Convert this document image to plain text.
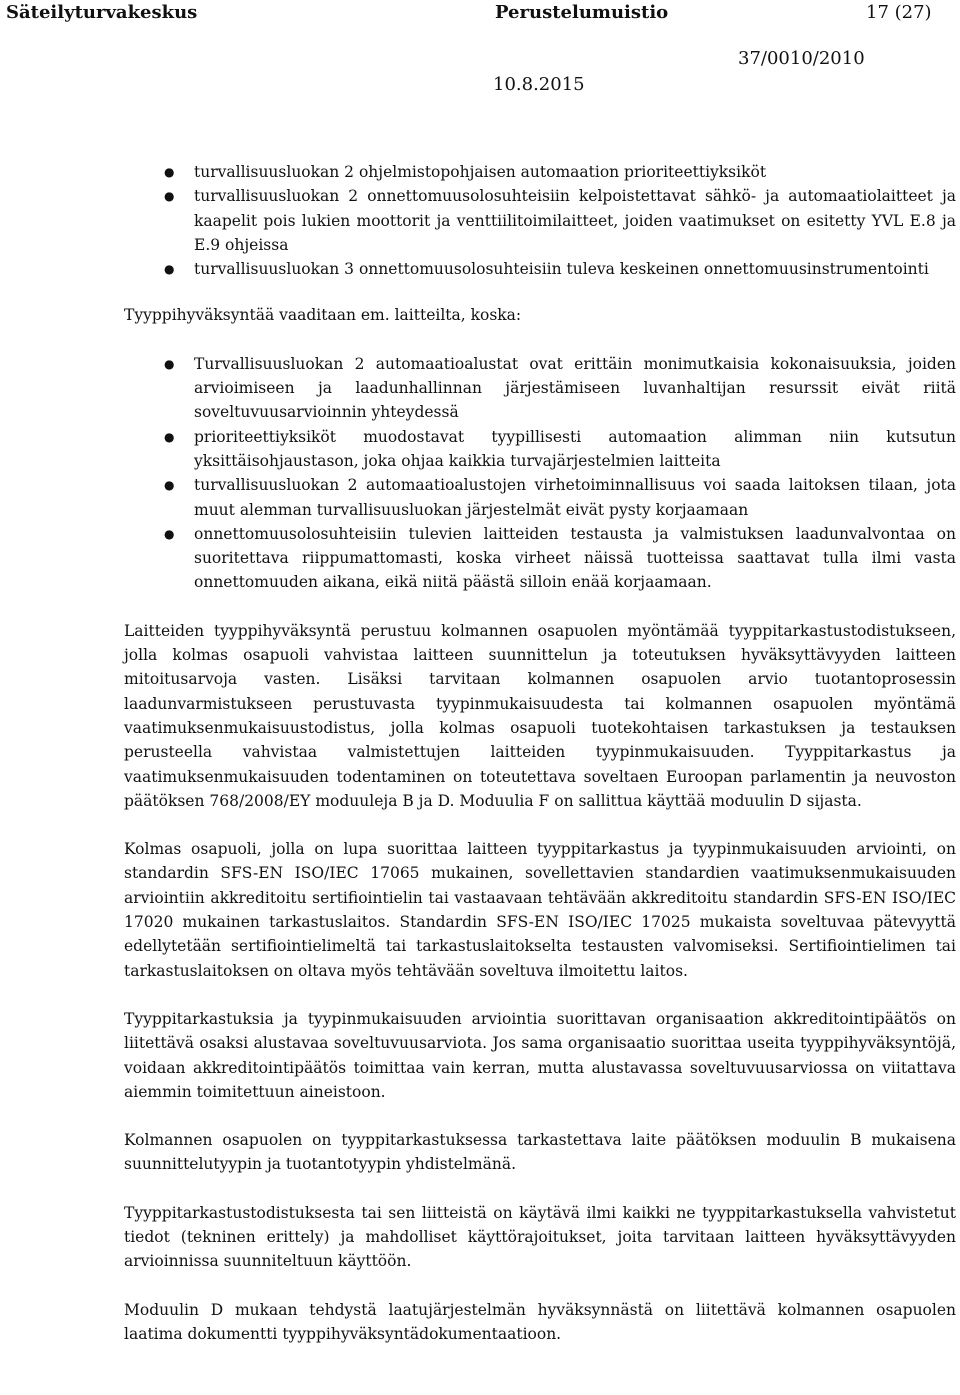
Säteilyturvakeskus	Perustelumuistio	17 (27)
37/0010/2010
10.8.2015
● turvallisuusluokan 2 ohjelmistopohjaisen automaation prioriteettiyksiköt
● turvallisuusluokan 2 onnettomuusolosuhteisiin kelpoistettavat sähkö- ja automaatiolaitteet ja kaapelit pois lukien moottorit ja venttiilitoimilaitteet, joiden vaatimukset on esitetty YVL E.8 ja E.9 ohjeissa
● turvallisuusluokan 3 onnettomuusolosuhteisiin tuleva keskeinen onnettomuusinstrumentointi

Tyyppihyväksyntää vaaditaan em. laitteilta, koska:

● Turvallisuusluokan 2 automaatioalustat ovat erittäin monimutkaisia kokonaisuuksia, joiden arvioimiseen ja laadunhallinnan järjestämiseen luvanhaltijan resurssit eivät riitä soveltuvuusarvioinnin yhteydessä
● prioriteettiyksiköt muodostavat tyypillisesti automaation alimman niin kutsutun yksittäisohjaustason, joka ohjaa kaikkia turvajärjestelmien laitteita
● turvallisuusluokan 2 automaatioalustojen virhetoiminnallisuus voi saada laitoksen tilaan, jota muut alemman turvallisuusluokan järjestelmät eivät pysty korjaamaan
● onnettomuusolosuhteisiin tulevien laitteiden testausta ja valmistuksen laadunvalvontaa on suoritettava riippumattomasti, koska virheet näissä tuotteissa saattavat tulla ilmi vasta onnettomuuden aikana, eikä niitä päästä silloin enää korjaamaan.

Laitteiden tyyppihyväksyntä perustuu kolmannen osapuolen myöntämää tyyppitarkastustodistukseen, jolla kolmas osapuoli vahvistaa laitteen suunnittelun ja toteutuksen hyväksyttävyyden laitteen mitoitusarvoja vasten. Lisäksi tarvitaan kolmannen osapuolen arvio tuotantoprosessin laadunvarmistukseen perustuvasta tyypinmukaisuudesta tai kolmannen osapuolen myöntämä vaatimuksenmukaisuustodistus, jolla kolmas osapuoli tuotekohtaisen tarkastuksen ja testauksen perusteella vahvistaa valmistettujen laitteiden tyypinmukaisuuden. Tyyppitarkastus ja vaatimuksenmukaisuuden todentaminen on toteutettava soveltaen Euroopan parlamentin ja neuvoston päätöksen 768/2008/EY moduuleja B ja D. Moduulia F on sallittua käyttää moduulin D sijasta.

Kolmas osapuoli, jolla on lupa suorittaa laitteen tyyppitarkastus ja tyypinmukaisuuden arviointi, on standardin SFS-EN ISO/IEC 17065 mukainen, sovellettavien standardien vaatimuksenmukaisuuden arviointiin akkreditoitu sertifiointielin tai vastaavaan tehtävään akkreditoitu standardin SFS-EN ISO/IEC 17020 mukainen tarkastuslaitos. Standardin SFS-EN ISO/IEC 17025 mukaista soveltuvaa pätevyyttä edellytetään sertifiointielimeltä tai tarkastuslaitokselta testausten valvomiseksi. Sertifiointielimen tai tarkastuslaitoksen on oltava myös tehtävään soveltuva ilmoitettu laitos.

Tyyppitarkastuksia ja tyypinmukaisuuden arviointia suorittavan organisaation akkreditointipäätös on liitettävä osaksi alustavaa soveltuvuusarviota. Jos sama organisaatio suorittaa useita tyyppihyväksyntöjä, voidaan akkreditointipäätös toimittaa vain kerran, mutta alustavassa soveltuvuusarviossa on viitattava aiemmin toimitettuun aineistoon.

Kolmannen osapuolen on tyyppitarkastuksessa tarkastettava laite päätöksen moduulin B mukaisena suunnittelutyypin ja tuotantotyypin yhdistelmänä.

Tyyppitarkastustodistuksesta tai sen liitteistä on käytävä ilmi kaikki ne tyyppitarkastuksella vahvistetut tiedot (tekninen erittely) ja mahdolliset käyttörajoitukset, joita tarvitaan laitteen hyväksyttävyyden arvioinnissa suunniteltuun käyttöön.

Moduulin D mukaan tehdystä laatujärjestelmän hyväksynnästä on liitettävä kolmannen osapuolen laatima dokumentti tyyppihyväksyntädokumentaatioon.
